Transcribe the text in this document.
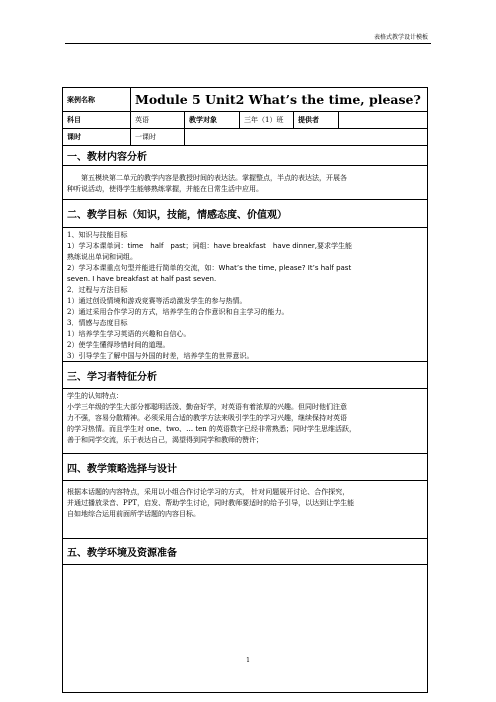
表格式教学设计模板
案例名称	Module 5 Unit2 What’s the time, please?
科目	英语	教学对象	三年（1）班	提供者
课时	一课时
一、教材内容分析

第五模块第二单元的教学内容是教授时间的表达法。掌握整点，半点的表达法，开展各

种听说活动，使得学生能够熟练掌握，并能在日常生活中应用。

二、教学目标（知识，技能，情感态度、价值观）

1、知识与技能目标

1）学习本课单词：time　half　past；词组：have breakfast　have dinner,要求学生能

熟练说出单词和词组。

2）学习本课重点句型并能进行简单的交流，如：What’s the time, please? It’s half past

seven. I have breakfast at half past seven.

2．过程与方法目标

1）通过创设情境和游戏竞赛等活动激发学生的参与热情。

2）通过采用合作学习的方式，培养学生的合作意识和自主学习的能力。

3．情感与态度目标

1）培养学生学习英语的兴趣和自信心。

2）使学生懂得珍惜时间的道理。

3）引导学生了解中国与外国的时差，培养学生的世界意识。

三、学习者特征分析

学生的认知特点：

小学三年级的学生大部分都聪明活泼、勤奋好学，对英语有着浓厚的兴趣。但同时他们注意

力不强，容易分散精神。必须采用合适的教学方法来吸引学生的学习兴趣，继续保持对英语

的学习热情。而且学生对 one、two、… ten 的英语数字已经非常熟悉；同时学生思维活跃，

善于和同学交流，乐于表达自己，渴望得到同学和教师的赞许；

四、教学策略选择与设计

根据本话题的内容特点，采用以小组合作讨论学习的方式， 针对问题展开讨论、合作探究，

并通过播放录音、PPT，启发、帮助学生讨论，同时教师要适时的给予引导，以达到让学生能

自如地综合运用前面所学话题的内容目标。

五、教学环境及资源准备
1
